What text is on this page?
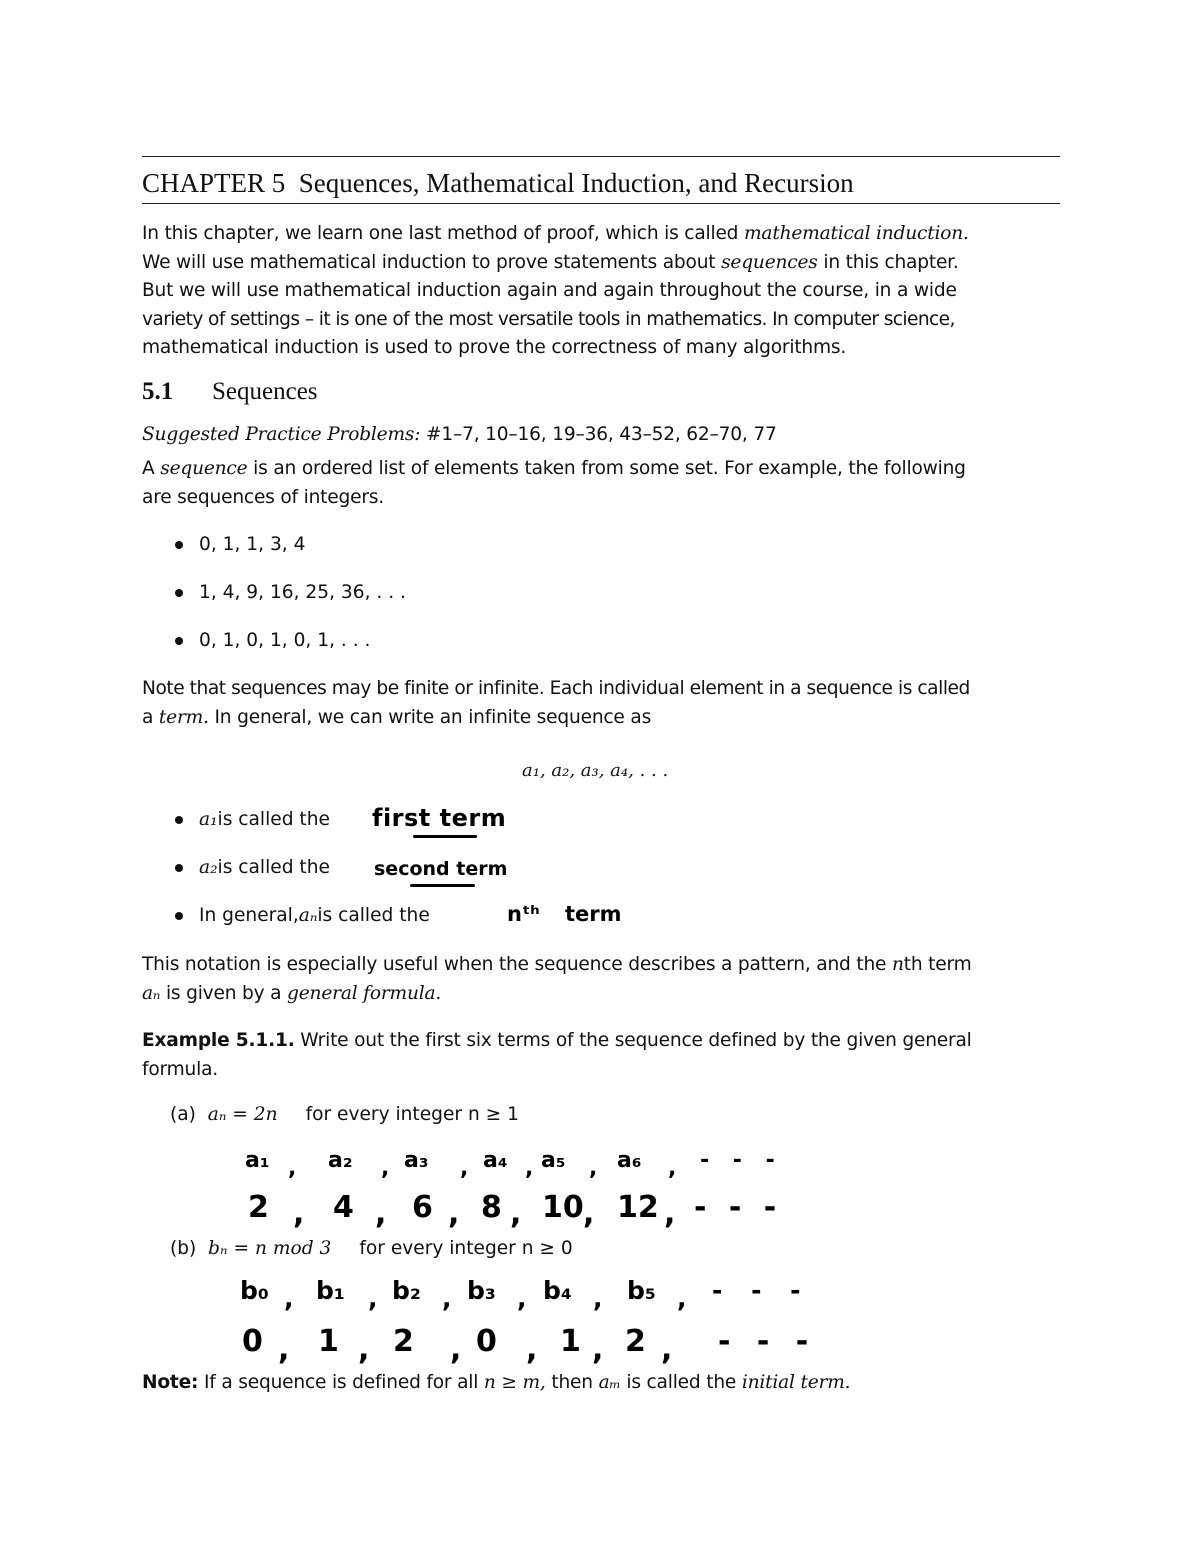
CHAPTER 5 Sequences, Mathematical Induction, and Recursion
In this chapter, we learn one last method of proof, which is called mathematical induction.
We will use mathematical induction to prove statements about sequences in this chapter.
But we will use mathematical induction again and again throughout the course, in a wide
variety of settings – it is one of the most versatile tools in mathematics. In computer science,
mathematical induction is used to prove the correctness of many algorithms.
5.1 Sequences
Suggested Practice Problems: #1–7, 10–16, 19–36, 43–52, 62–70, 77
A sequence is an ordered list of elements taken from some set. For example, the following
are sequences of integers.
0, 1, 1, 3, 4
1, 4, 9, 16, 25, 36, . . .
0, 1, 0, 1, 0, 1, . . .
Note that sequences may be finite or infinite. Each individual element in a sequence is called
a term. In general, we can write an infinite sequence as
a₁, a₂, a₃, a₄, . . .
a₁ is called the first term
a₂ is called the second term
In general, aₙ is called the	nᵗʰ term
This notation is especially useful when the sequence describes a pattern, and the nth term
aₙ is given by a general formula.
Example 5.1.1. Write out the first six terms of the sequence defined by the given general
formula.
(a)
aₙ = 2n for every integer n ≥ 1
a₁ , a₂ , a₃ , a₄ , a₅ , a₆ , - - -
2 , 4 , 6 , 8 , 10 , 12 , - - -
(b)
bₙ = n mod 3 for every integer n ≥ 0
b₀ , b₁ , b₂ , b₃ , b₄ , b₅ , - - -
0 , 1 , 2 , 0 , 1 , 2 , - - -
Note: If a sequence is defined for all n ≥ m, then aₘ is called the initial term.
